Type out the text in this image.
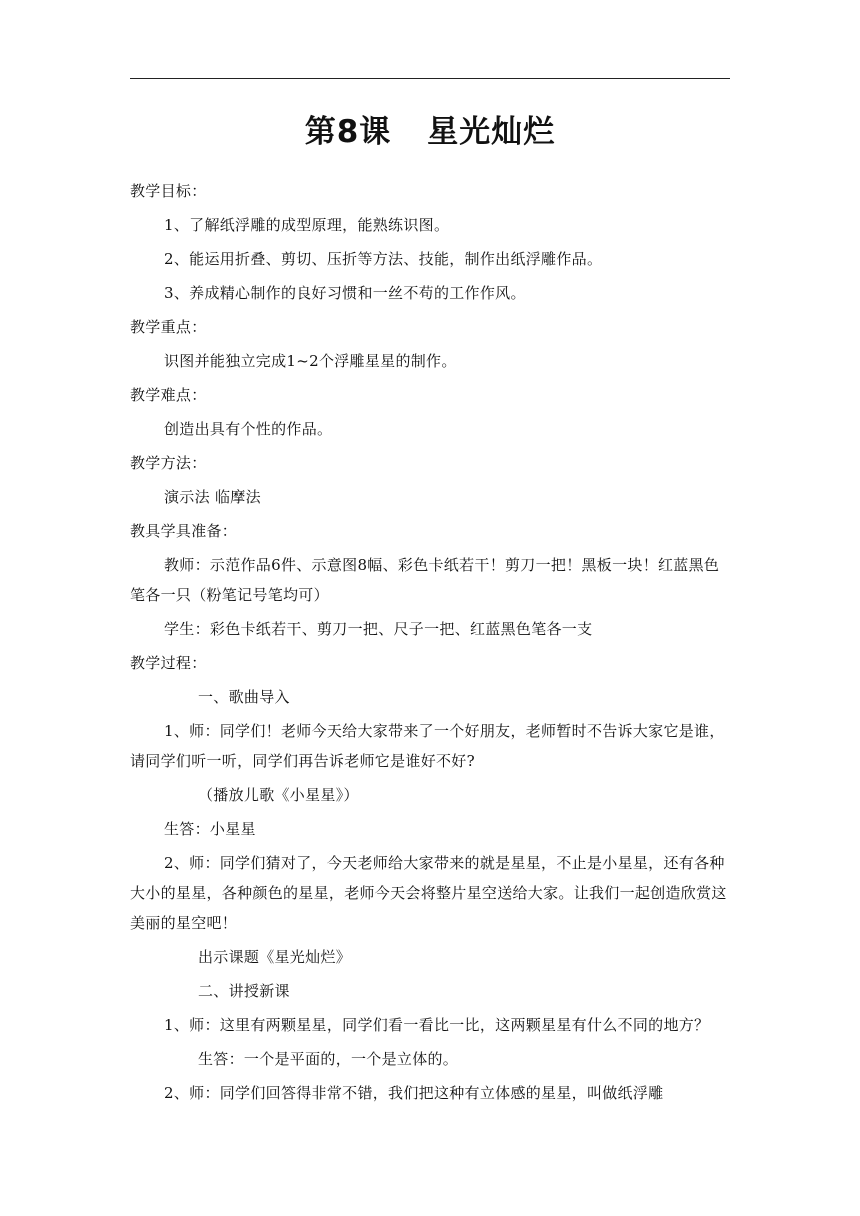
第8课 星光灿烂

教学目标：

1、了解纸浮雕的成型原理，能熟练识图。

2、能运用折叠、剪切、压折等方法、技能，制作出纸浮雕作品。

3、养成精心制作的良好习惯和一丝不苟的工作作风。

教学重点：

识图并能独立完成1~2个浮雕星星的制作。

教学难点：

创造出具有个性的作品。

教学方法：

演示法 临摩法

教具学具准备：

教师：示范作品6件、示意图8幅、彩色卡纸若干！剪刀一把！黑板一块！红蓝黑色笔各一只（粉笔记号笔均可）

学生：彩色卡纸若干、剪刀一把、尺子一把、红蓝黑色笔各一支

教学过程：

一、歌曲导入

1、师：同学们！老师今天给大家带来了一个好朋友，老师暂时不告诉大家它是谁，请同学们听一听，同学们再告诉老师它是谁好不好?

（播放儿歌《小星星》）

生答：小星星

2、师：同学们猜对了，今天老师给大家带来的就是星星，不止是小星星，还有各种大小的星星，各种颜色的星星，老师今天会将整片星空送给大家。让我们一起创造欣赏这美丽的星空吧！

出示课题《星光灿烂》

二、讲授新课

1、师：这里有两颗星星，同学们看一看比一比，这两颗星星有什么不同的地方？

生答：一个是平面的，一个是立体的。

2、师：同学们回答得非常不错，我们把这种有立体感的星星，叫做纸浮雕
